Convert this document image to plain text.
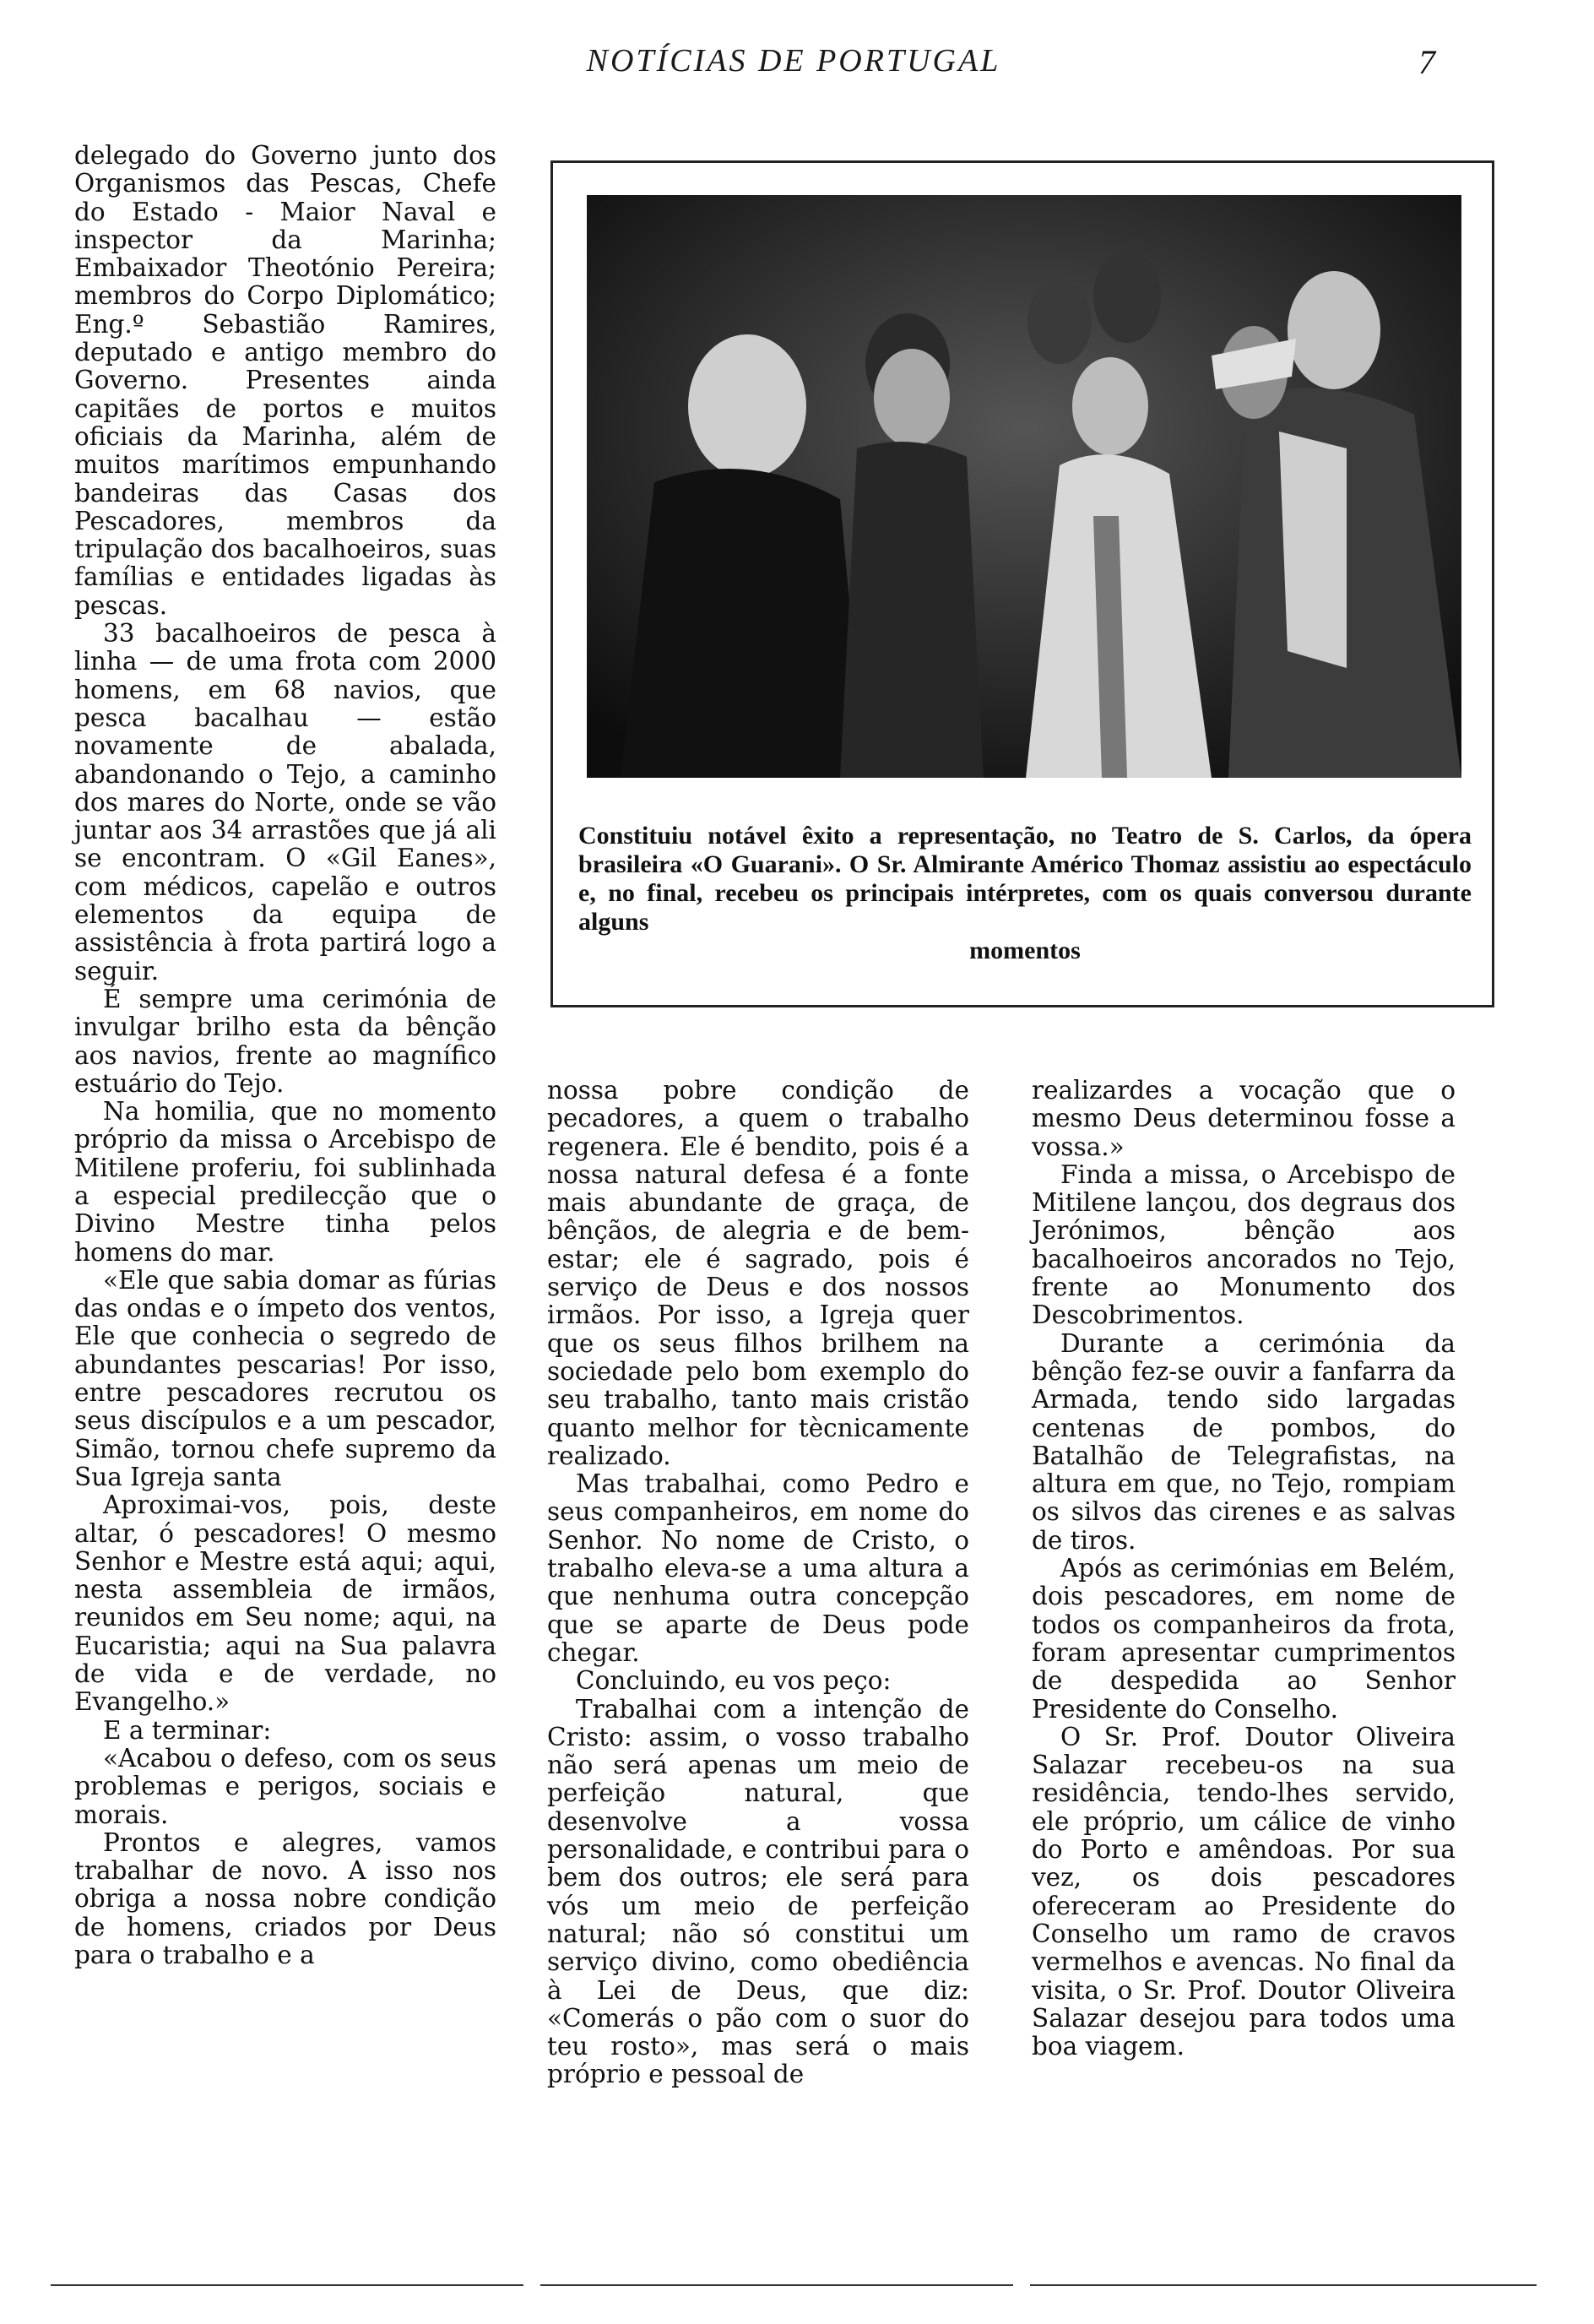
NOTÍCIAS DE PORTUGAL	7

delegado do Governo junto dos Organismos das Pescas, Chefe do Estado - Maior Naval e inspector da Marinha; Embaixador Theotónio Pereira; membros do Corpo Diplomático; Eng.º Sebastião Ramires, deputado e antigo membro do Governo. Presentes ainda capitães de portos e muitos oficiais da Marinha, além de muitos marítimos empunhando bandeiras das Casas dos Pescadores, membros da tripulação dos bacalhoeiros, suas famílias e entidades ligadas às pescas.

33 bacalhoeiros de pesca à linha — de uma frota com 2000 homens, em 68 navios, que pesca bacalhau — estão novamente de abalada, abandonando o Tejo, a caminho dos mares do Norte, onde se vão juntar aos 34 arrastões que já ali se encontram. O «Gil Eanes», com médicos, capelão e outros elementos da equipa de assistência à frota partirá logo a seguir.

É sempre uma cerimónia de invulgar brilho esta da bênção aos navios, frente ao magnífico estuário do Tejo.

Na homilia, que no momento próprio da missa o Arcebispo de Mitilene proferiu, foi sublinhada a especial predilecção que o Divino Mestre tinha pelos homens do mar.

«Ele que sabia domar as fúrias das ondas e o ímpeto dos ventos, Ele que conhecia o segredo de abundantes pescarias! Por isso, entre pescadores recrutou os seus discípulos e a um pescador, Simão, tornou chefe supremo da Sua Igreja santa

Aproximai-vos, pois, deste altar, ó pescadores! O mesmo Senhor e Mestre está aqui; aqui, nesta assembleia de irmãos, reunidos em Seu nome; aqui, na Eucaristia; aqui na Sua palavra de vida e de verdade, no Evangelho.»

E a terminar:

«Acabou o defeso, com os seus problemas e perigos, sociais e morais.

Prontos e alegres, vamos trabalhar de novo. A isso nos obriga a nossa nobre condição de homens, criados por Deus para o trabalho e a

Constituiu notável êxito a representação, no Teatro de S. Carlos, da ópera brasileira «O Guarani». O Sr. Almirante Américo Thomaz assistiu ao espectáculo e, no final, recebeu os principais intérpretes, com os quais conversou durante alguns
momentos

nossa pobre condição de pecadores, a quem o trabalho regenera. Ele é bendito, pois é a nossa natural defesa é a fonte mais abundante de graça, de bênçãos, de alegria e de bem-estar; ele é sagrado, pois é serviço de Deus e dos nossos irmãos. Por isso, a Igreja quer que os seus filhos brilhem na sociedade pelo bom exemplo do seu trabalho, tanto mais cristão quanto melhor for tècnicamente realizado.

Mas trabalhai, como Pedro e seus companheiros, em nome do Senhor. No nome de Cristo, o trabalho eleva-se a uma altura a que nenhuma outra concepção que se aparte de Deus pode chegar.

Concluindo, eu vos peço:

Trabalhai com a intenção de Cristo: assim, o vosso trabalho não será apenas um meio de perfeição natural, que desenvolve a vossa personalidade, e contribui para o bem dos outros; ele será para vós um meio de perfeição natural; não só constitui um serviço divino, como obediência à Lei de Deus, que diz: «Comerás o pão com o suor do teu rosto», mas será o mais próprio e pessoal de

realizardes a vocação que o mesmo Deus determinou fosse a vossa.»

Finda a missa, o Arcebispo de Mitilene lançou, dos degraus dos Jerónimos, bênção aos bacalhoeiros ancorados no Tejo, frente ao Monumento dos Descobrimentos.

Durante a cerimónia da bênção fez-se ouvir a fanfarra da Armada, tendo sido largadas centenas de pombos, do Batalhão de Telegrafistas, na altura em que, no Tejo, rompiam os silvos das cirenes e as salvas de tiros.

Após as cerimónias em Belém, dois pescadores, em nome de todos os companheiros da frota, foram apresentar cumprimentos de despedida ao Senhor Presidente do Conselho.

O Sr. Prof. Doutor Oliveira Salazar recebeu-os na sua residência, tendo-lhes servido, ele próprio, um cálice de vinho do Porto e amêndoas. Por sua vez, os dois pescadores ofereceram ao Presidente do Conselho um ramo de cravos vermelhos e avencas. No final da visita, o Sr. Prof. Doutor Oliveira Salazar desejou para todos uma boa viagem.
